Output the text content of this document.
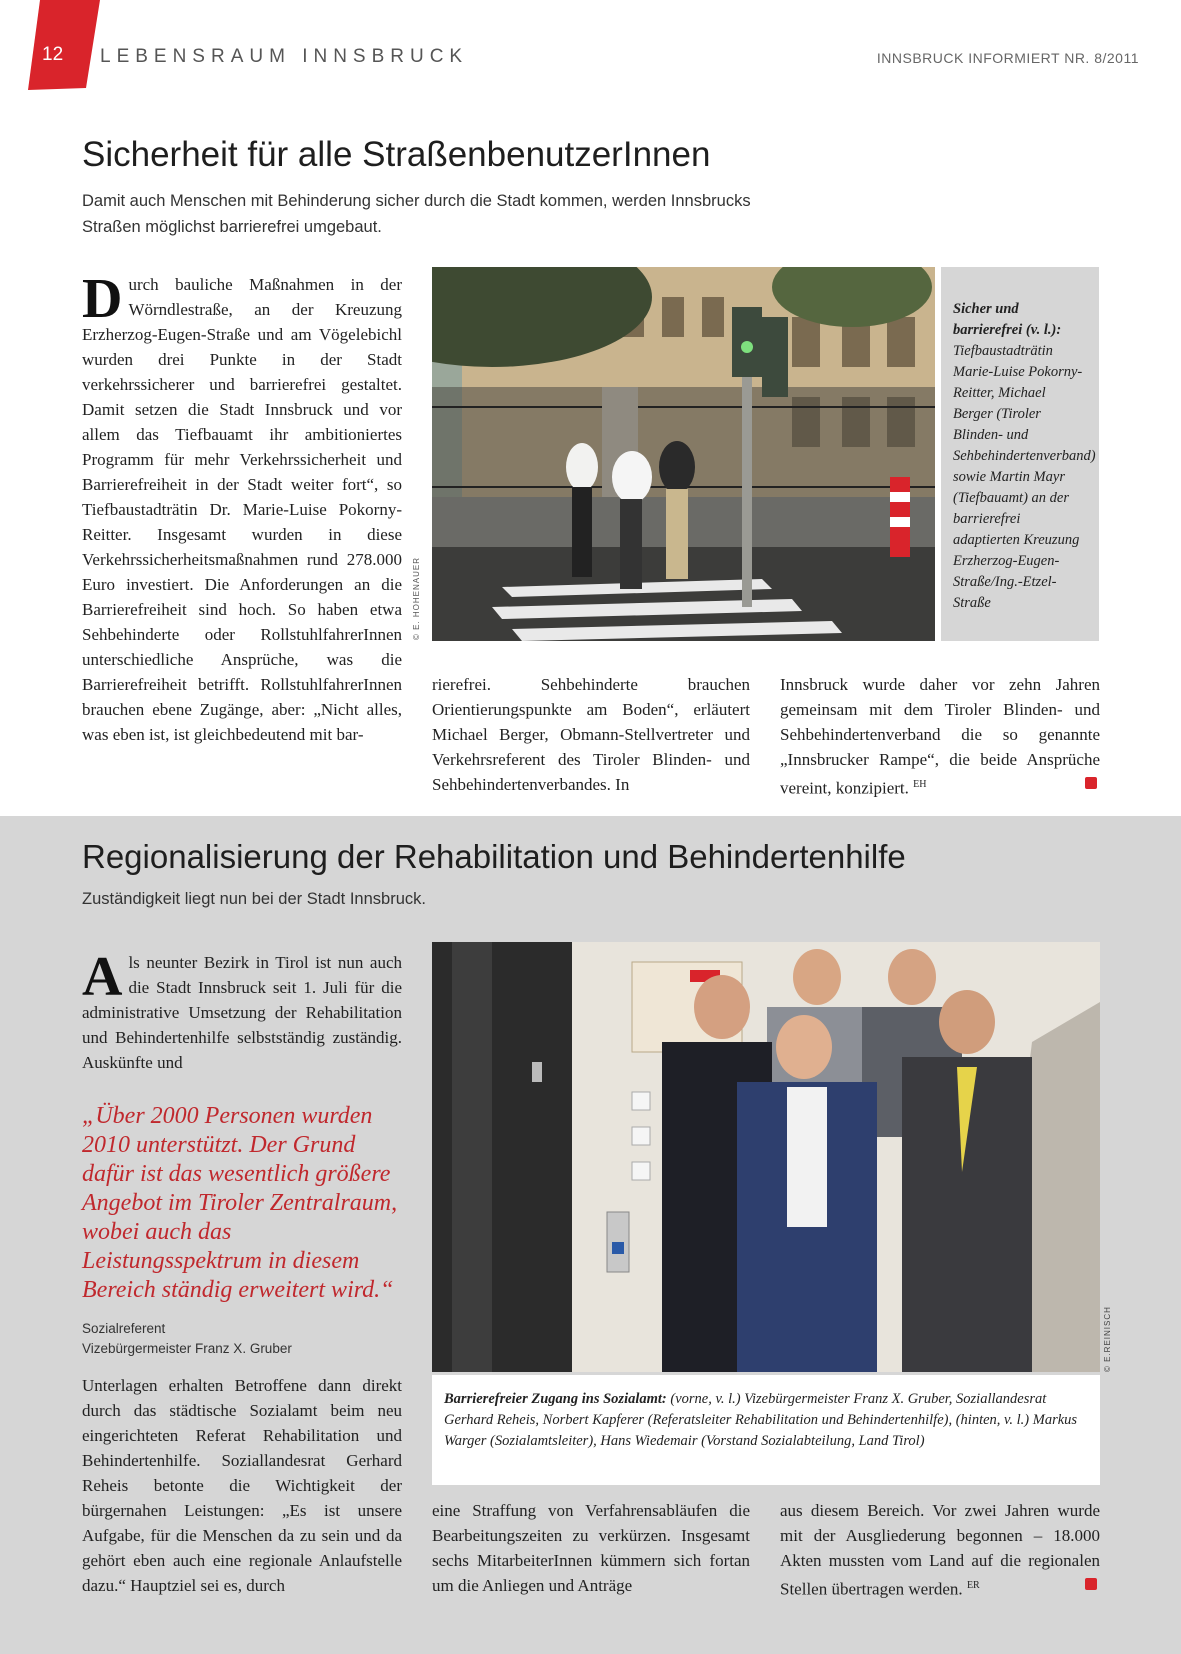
12 LEBENSRAUM INNSBRUCK	INNSBRUCK INFORMIERT NR. 8/2011
Sicherheit für alle StraßenbenutzerInnen
Damit auch Menschen mit Behinderung sicher durch die Stadt kommen, werden Innsbrucks Straßen möglichst barrierefrei umgebaut.
Durch bauliche Maßnahmen in der Wörndlestraße, an der Kreuzung Erzherzog-Eugen-Straße und am Vögelebichl wurden drei Punkte in der Stadt verkehrssicherer und barrierefrei gestaltet. Damit setzen die Stadt Innsbruck und vor allem das Tiefbauamt ihr ambitioniertes Programm für mehr Verkehrssicherheit und Barrierefreiheit in der Stadt weiter fort“, so Tiefbaustadträtin Dr. Marie-Luise Pokorny-Reitter. Insgesamt wurden in diese Verkehrssicherheitsmaßnahmen rund 278.000 Euro investiert. Die Anforderungen an die Barrierefreiheit sind hoch. So haben etwa Sehbehinderte oder RollstuhlfahrerInnen unterschiedliche Ansprüche, was die Barrierefreiheit betrifft. RollstuhlfahrerInnen brauchen ebene Zugänge, aber: „Nicht alles, was eben ist, ist gleichbedeutend mit bar-
© E. HOHENAUER
Sicher und barrierefrei (v. l.): Tiefbaustadträtin Marie-Luise Pokorny-Reitter, Michael Berger (Tiroler Blinden- und Sehbehindertenverband) sowie Martin Mayr (Tiefbauamt) an der barrierefrei adaptierten Kreuzung Erzherzog-Eugen-Straße/Ing.-Etzel-Straße
rierefrei. Sehbehinderte brauchen Orientierungspunkte am Boden“, erläutert Michael Berger, Obmann-Stellvertreter und Verkehrsreferent des Tiroler Blinden- und Sehbehindertenverbandes. In
Innsbruck wurde daher vor zehn Jahren gemeinsam mit dem Tiroler Blinden- und Sehbehindertenverband die so genannte „Innsbrucker Rampe“, die beide Ansprüche vereint, konzipiert. $^{EH}$
Regionalisierung der Rehabilitation und Behindertenhilfe
Zuständigkeit liegt nun bei der Stadt Innsbruck.
Als neunter Bezirk in Tirol ist nun auch die Stadt Innsbruck seit 1. Juli für die administrative Umsetzung der Rehabilitation und Behindertenhilfe selbstständig zuständig. Auskünfte und
„Über 2000 Personen wurden 2010 unterstützt. Der Grund dafür ist das wesentlich größere Angebot im Tiroler Zentralraum, wobei auch das Leistungsspektrum in diesem Bereich ständig erweitert wird.“
Sozialreferent
Vizebürgermeister Franz X. Gruber
Unterlagen erhalten Betroffene dann direkt durch das städtische Sozialamt beim neu eingerichteten Referat Rehabilitation und Behindertenhilfe. Soziallandesrat Gerhard Reheis betonte die Wichtigkeit der bürgernahen Leistungen: „Es ist unsere Aufgabe, für die Menschen da zu sein und da gehört eben auch eine regionale Anlaufstelle dazu.“ Hauptziel sei es, durch
© E.REINISCH
Barrierefreier Zugang ins Sozialamt: (vorne, v. l.) Vizebürgermeister Franz X. Gruber, Soziallandesrat Gerhard Reheis, Norbert Kapferer (Referatsleiter Rehabilitation und Behindertenhilfe), (hinten, v. l.) Markus Warger (Sozialamtsleiter), Hans Wiedemair (Vorstand Sozialabteilung, Land Tirol)
eine Straffung von Verfahrensabläufen die Bearbeitungszeiten zu verkürzen. Insgesamt sechs MitarbeiterInnen kümmern sich fortan um die Anliegen und Anträge
aus diesem Bereich. Vor zwei Jahren wurde mit der Ausgliederung begonnen – 18.000 Akten mussten vom Land auf die regionalen Stellen übertragen werden. $^{ER}$
